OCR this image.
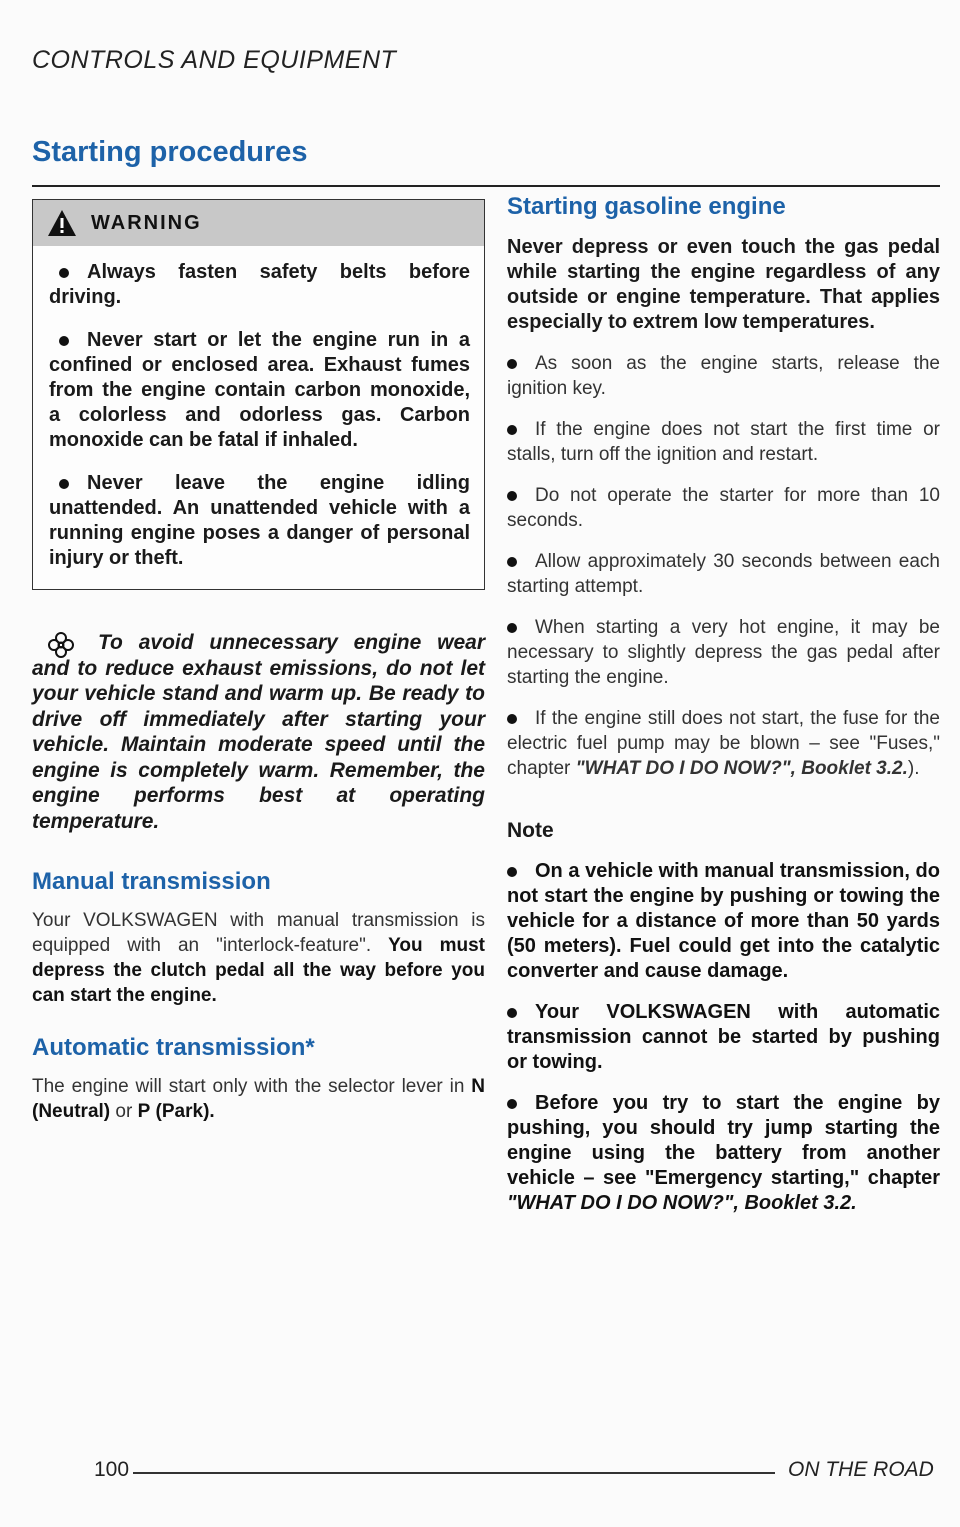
CONTROLS AND EQUIPMENT
Starting procedures
WARNING
Always fasten safety belts before driving.
Never start or let the engine run in a confined or enclosed area. Exhaust fumes from the engine contain carbon monoxide, a colorless and odorless gas. Carbon monoxide can be fatal if inhaled.
Never leave the engine idling unattended. An unattended vehicle with a running engine poses a danger of personal injury or theft.

To avoid unnecessary engine wear and to reduce exhaust emissions, do not let your vehicle stand and warm up. Be ready to drive off immediately after starting your vehicle. Maintain moderate speed until the engine is completely warm. Remember, the engine performs best at operating temperature.

Manual transmission

Your VOLKSWAGEN with manual transmission is equipped with an "interlock-feature". You must depress the clutch pedal all the way before you can start the engine.

Automatic transmission*

The engine will start only with the selector lever in N (Neutral) or P (Park).

Starting gasoline engine

Never depress or even touch the gas pedal while starting the engine regardless of any outside or engine temperature. That applies especially to extrem low temperatures.

As soon as the engine starts, release the ignition key.
If the engine does not start the first time or stalls, turn off the ignition and restart.
Do not operate the starter for more than 10 seconds.
Allow approximately 30 seconds between each starting attempt.
When starting a very hot engine, it may be necessary to slightly depress the gas pedal after starting the engine.
If the engine still does not start, the fuse for the electric fuel pump may be blown – see "Fuses," chapter "WHAT DO I DO NOW?", Booklet 3.2.).
Note
On a vehicle with manual transmission, do not start the engine by pushing or towing the vehicle for a distance of more than 50 yards (50 meters). Fuel could get into the catalytic converter and cause damage.
Your VOLKSWAGEN with automatic transmission cannot be started by pushing or towing.
Before you try to start the engine by pushing, you should try jump starting the engine using the battery from another vehicle – see "Emergency starting," chapter "WHAT DO I DO NOW?", Booklet 3.2.
100	ON THE ROAD
